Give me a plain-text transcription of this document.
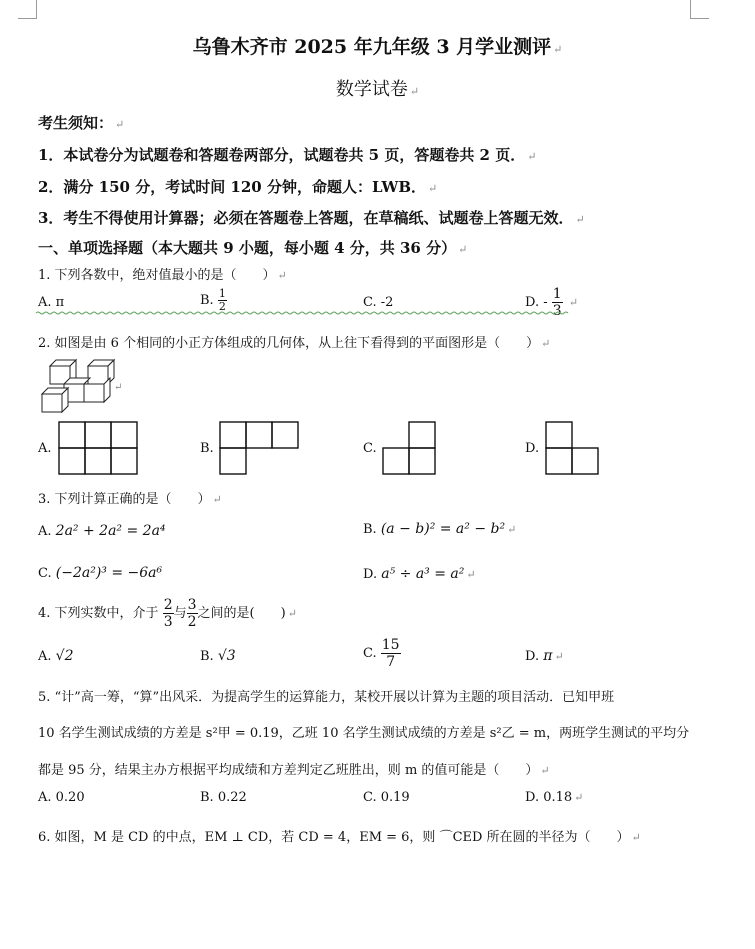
乌鲁木齐市 2025 年九年级 3 月学业测评 ↵
数学试卷 ↵
考生须知： ↵
1．本试卷分为试题卷和答题卷两部分，试题卷共 5 页，答题卷共 2 页． ↵
2．满分 150 分，考试时间 120 分钟，命题人：LWB． ↵
3．考生不得使用计算器；必须在答题卷上答题，在草稿纸、试题卷上答题无效． ↵
一、单项选择题（本大题共 9 小题，每小题 4 分，共 36 分） ↵
1. 下列各数中，绝对值最小的是（　　） ↵
A. π	B. $\frac{1}{2}$	C. -2	D. - $\frac{1}{3}$ ↵
2. 如图是由 6 个相同的小正方体组成的几何体，从上往下看得到的平面图形是（　　） ↵
↵
A.	B.	C.	D.
3. 下列计算正确的是（　　） ↵
A. 2a² + 2a² = 2a⁴	B. (a − b)² = a² − b² ↵
C. (−2a²)³ = −6a⁶	D. a⁵ ÷ a³ = a² ↵
4. 下列实数中，介于 $\frac{2}{3}$ 与 $\frac{3}{2}$ 之间的是(　　) ↵
A. √2	B. √3	C. $\frac{15}{7}$	D. π ↵
5. “计”高一筹，“算”出风采．为提高学生的运算能力，某校开展以计算为主题的项目活动．已知甲班
10 名学生测试成绩的方差是 s²甲 = 0.19，乙班 10 名学生测试成绩的方差是 s²乙 = m，两班学生测试的平均分
都是 95 分，结果主办方根据平均成绩和方差判定乙班胜出，则 m 的值可能是（　　） ↵
A. 0.20	B. 0.22	C. 0.19	D. 0.18 ↵
6. 如图，M 是 CD 的中点，EM ⊥ CD，若 CD = 4，EM = 6，则 ⌒CED 所在圆的半径为（　　） ↵
